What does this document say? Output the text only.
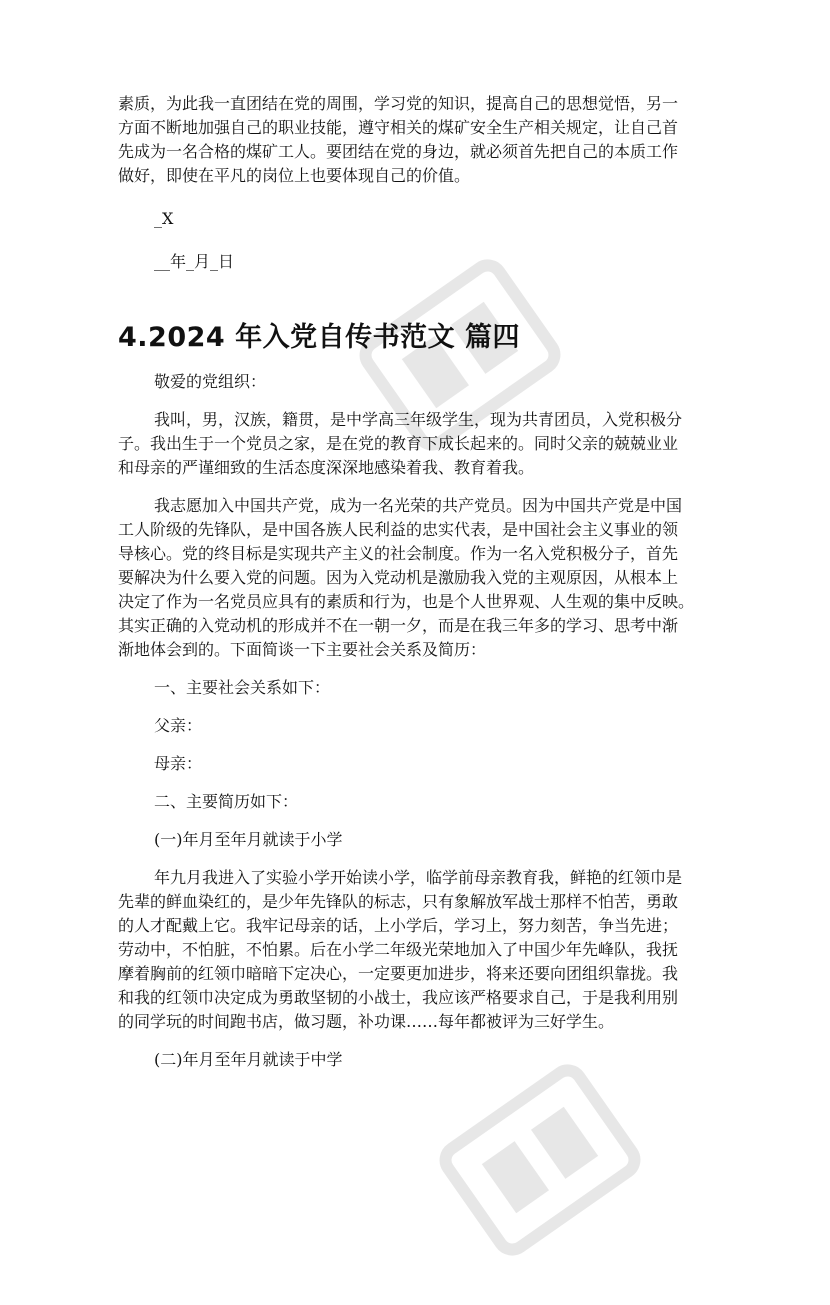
素质，为此我一直团结在党的周围，学习党的知识，提高自己的思想觉悟，另一

方面不断地加强自己的职业技能，遵守相关的煤矿安全生产相关规定，让自己首

先成为一名合格的煤矿工人。要团结在党的身边，就必须首先把自己的本质工作

做好，即使在平凡的岗位上也要体现自己的价值。

_X

__年_月_日

4.2024 年入党自传书范文 篇四

敬爱的党组织：

我叫，男，汉族，籍贯，是中学高三年级学生，现为共青团员，入党积极分

子。我出生于一个党员之家，是在党的教育下成长起来的。同时父亲的兢兢业业

和母亲的严谨细致的生活态度深深地感染着我、教育着我。

我志愿加入中国共产党，成为一名光荣的共产党员。因为中国共产党是中国

工人阶级的先锋队，是中国各族人民利益的忠实代表，是中国社会主义事业的领

导核心。党的终目标是实现共产主义的社会制度。作为一名入党积极分子，首先

要解决为什么要入党的问题。因为入党动机是激励我入党的主观原因，从根本上

决定了作为一名党员应具有的素质和行为，也是个人世界观、人生观的集中反映。

其实正确的入党动机的形成并不在一朝一夕，而是在我三年多的学习、思考中渐

渐地体会到的。下面简谈一下主要社会关系及简历：

一、主要社会关系如下：

父亲：

母亲：

二、主要简历如下：

(一)年月至年月就读于小学

年九月我进入了实验小学开始读小学，临学前母亲教育我，鲜艳的红领巾是

先辈的鲜血染红的，是少年先锋队的标志，只有象解放军战士那样不怕苦，勇敢

的人才配戴上它。我牢记母亲的话，上小学后，学习上，努力刻苦，争当先进；

劳动中，不怕脏，不怕累。后在小学二年级光荣地加入了中国少年先峰队，我抚

摩着胸前的红领巾暗暗下定决心，一定要更加进步，将来还要向团组织靠拢。我

和我的红领巾决定成为勇敢坚韧的小战士，我应该严格要求自己，于是我利用别

的同学玩的时间跑书店，做习题，补功课……每年都被评为三好学生。

(二)年月至年月就读于中学
